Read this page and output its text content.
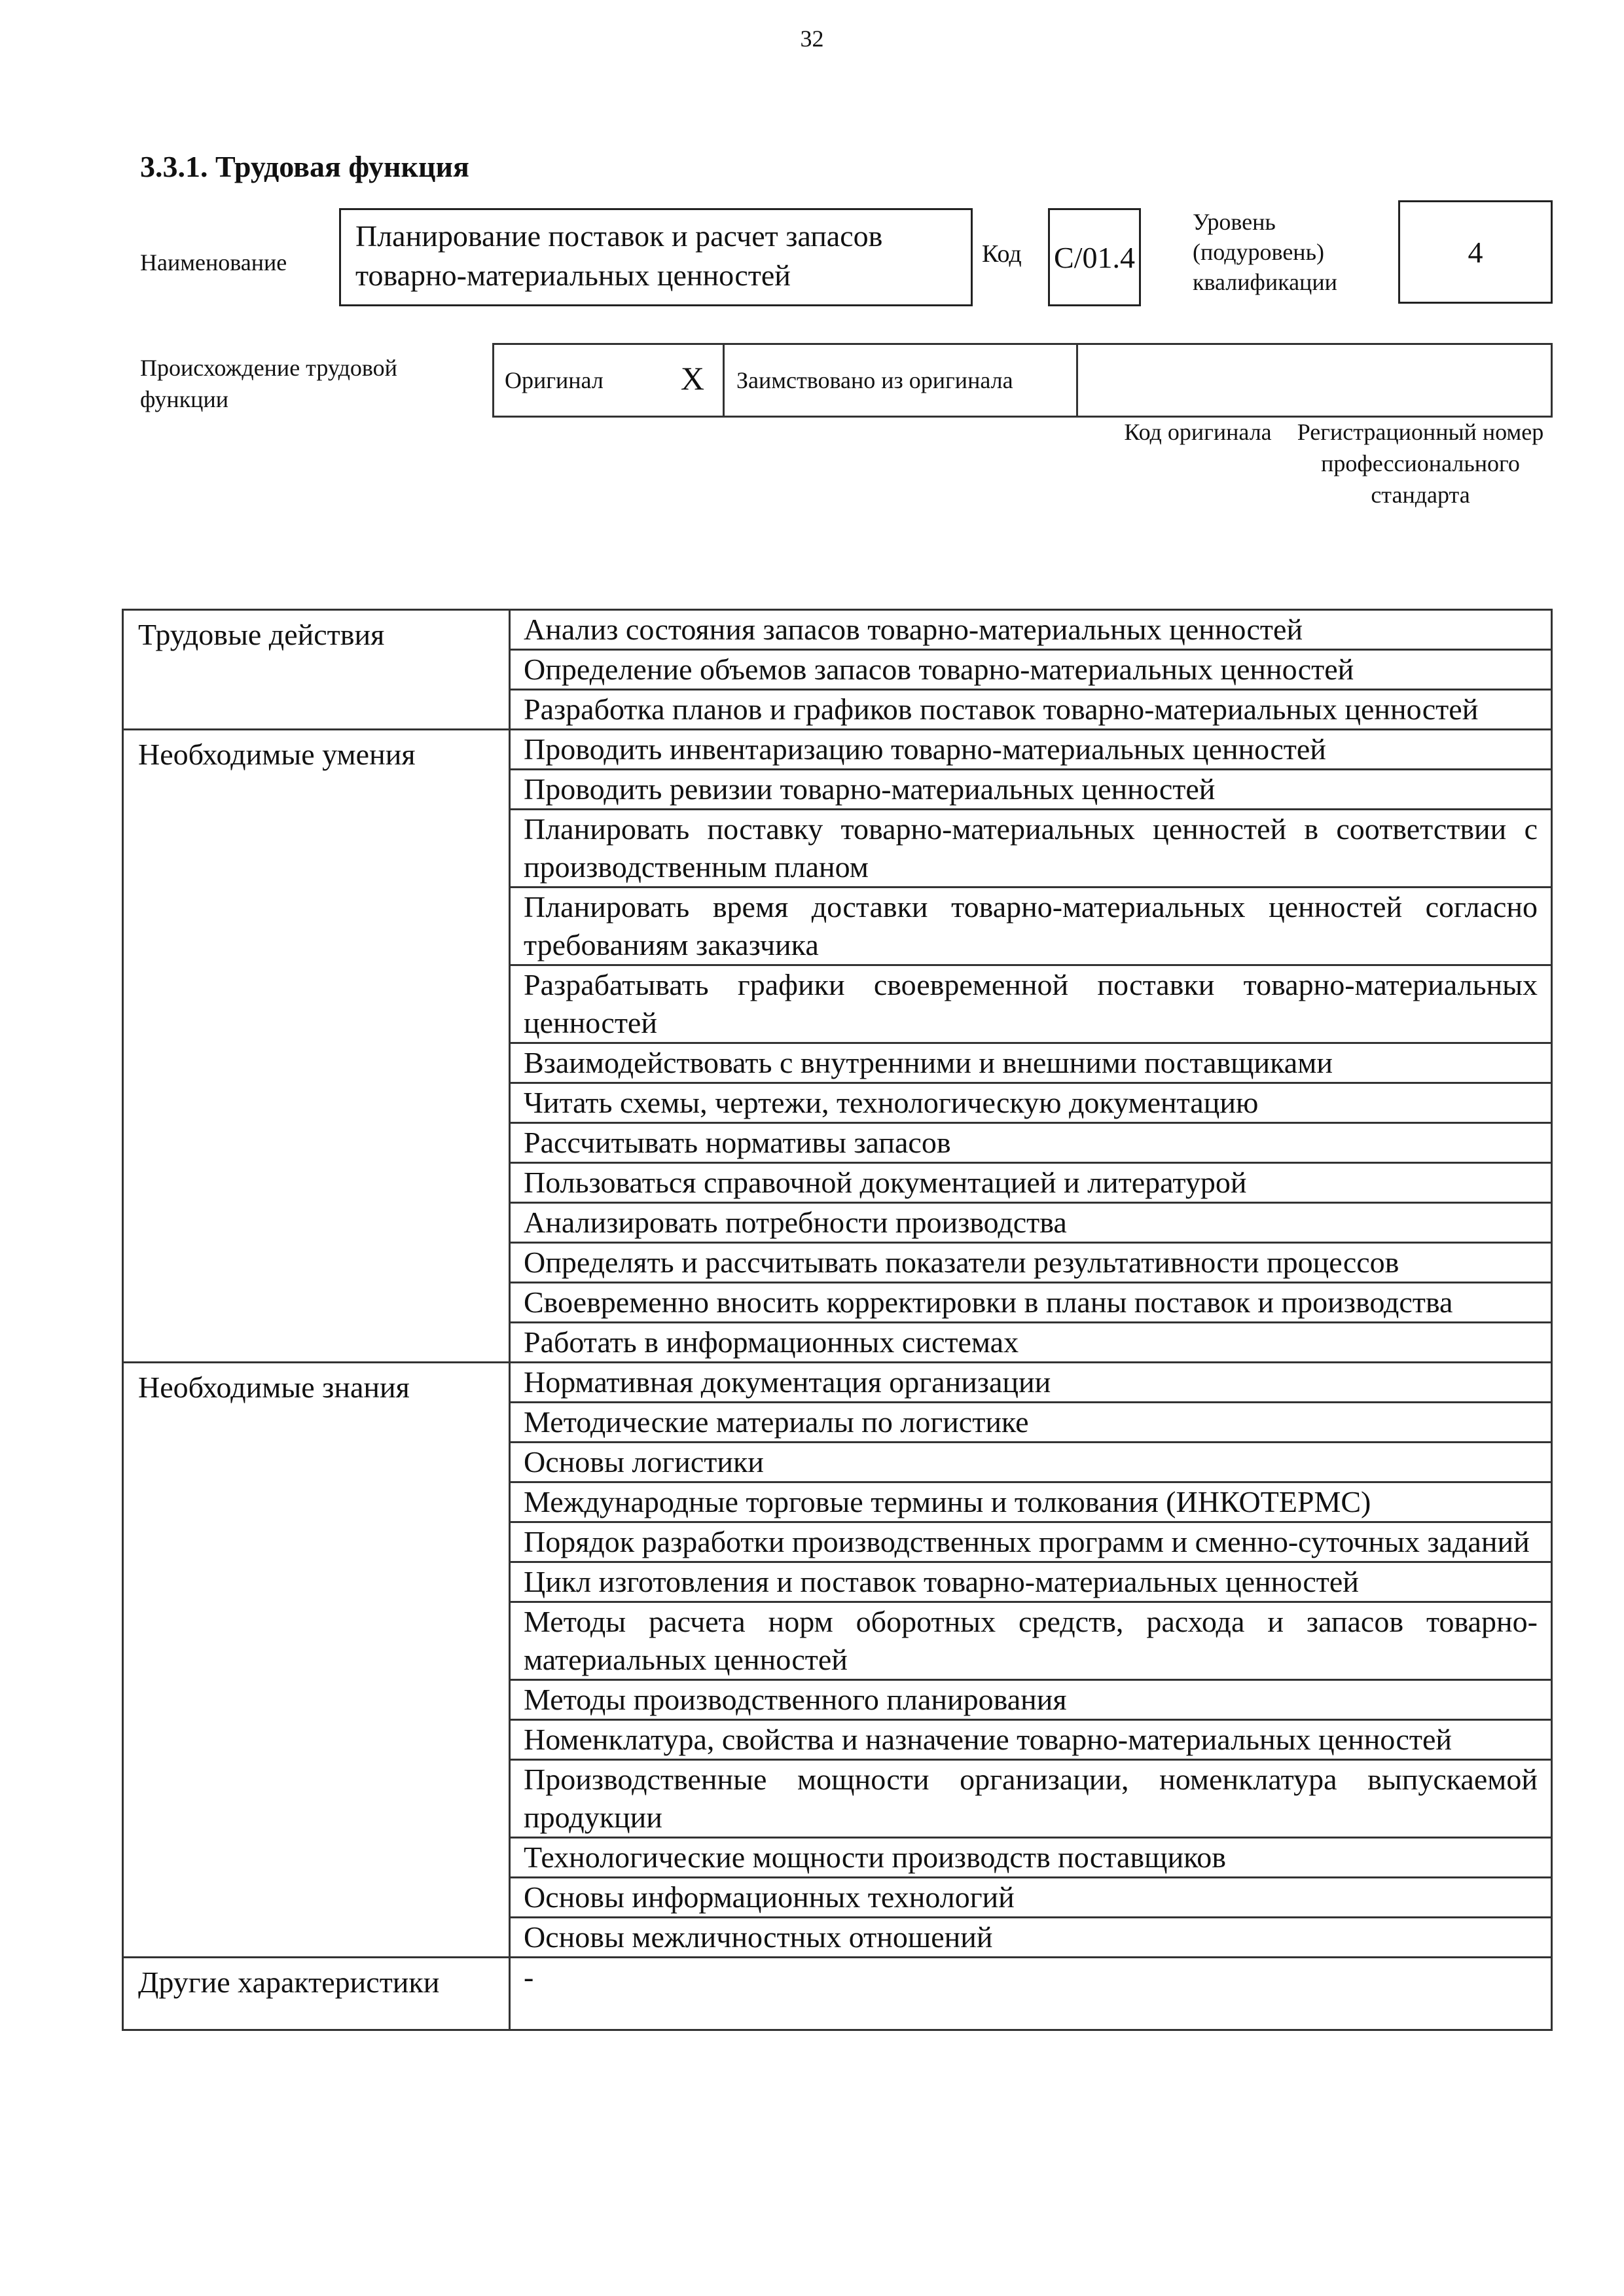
32
3.3.1. Трудовая функция
Наименование
Планирование поставок и расчет запасов товарно-материальных ценностей
Код С/01.4
Уровень (подуровень) квалификации
4
Происхождение трудовой функции
Оригинал X Заимствовано из оригинала
Код оригинала	Регистрационный номер профессионального стандарта
Трудовые действия	Анализ состояния запасов товарно-материальных ценностей
	Определение объемов запасов товарно-материальных ценностей
	Разработка планов и графиков поставок товарно-материальных ценностей
Необходимые умения	Проводить инвентаризацию товарно-материальных ценностей
	Проводить ревизии товарно-материальных ценностей
	Планировать поставку товарно-материальных ценностей в соответствии с производственным планом
	Планировать время доставки товарно-материальных ценностей согласно требованиям заказчика
	Разрабатывать графики своевременной поставки товарно-материальных ценностей
	Взаимодействовать с внутренними и внешними поставщиками
	Читать схемы, чертежи, технологическую документацию
	Рассчитывать нормативы запасов
	Пользоваться справочной документацией и литературой
	Анализировать потребности производства
	Определять и рассчитывать показатели результативности процессов
	Своевременно вносить корректировки в планы поставок и производства
	Работать в информационных системах
Необходимые знания	Нормативная документация организации
	Методические материалы по логистике
	Основы логистики
	Международные торговые термины и толкования (ИНКОТЕРМС)
	Порядок разработки производственных программ и сменно-суточных заданий
	Цикл изготовления и поставок товарно-материальных ценностей
	Методы расчета норм оборотных средств, расхода и запасов товарно-материальных ценностей
	Методы производственного планирования
	Номенклатура, свойства и назначение товарно-материальных ценностей
	Производственные мощности организации, номенклатура выпускаемой продукции
	Технологические мощности производств поставщиков
	Основы информационных технологий
	Основы межличностных отношений
Другие характеристики	-
